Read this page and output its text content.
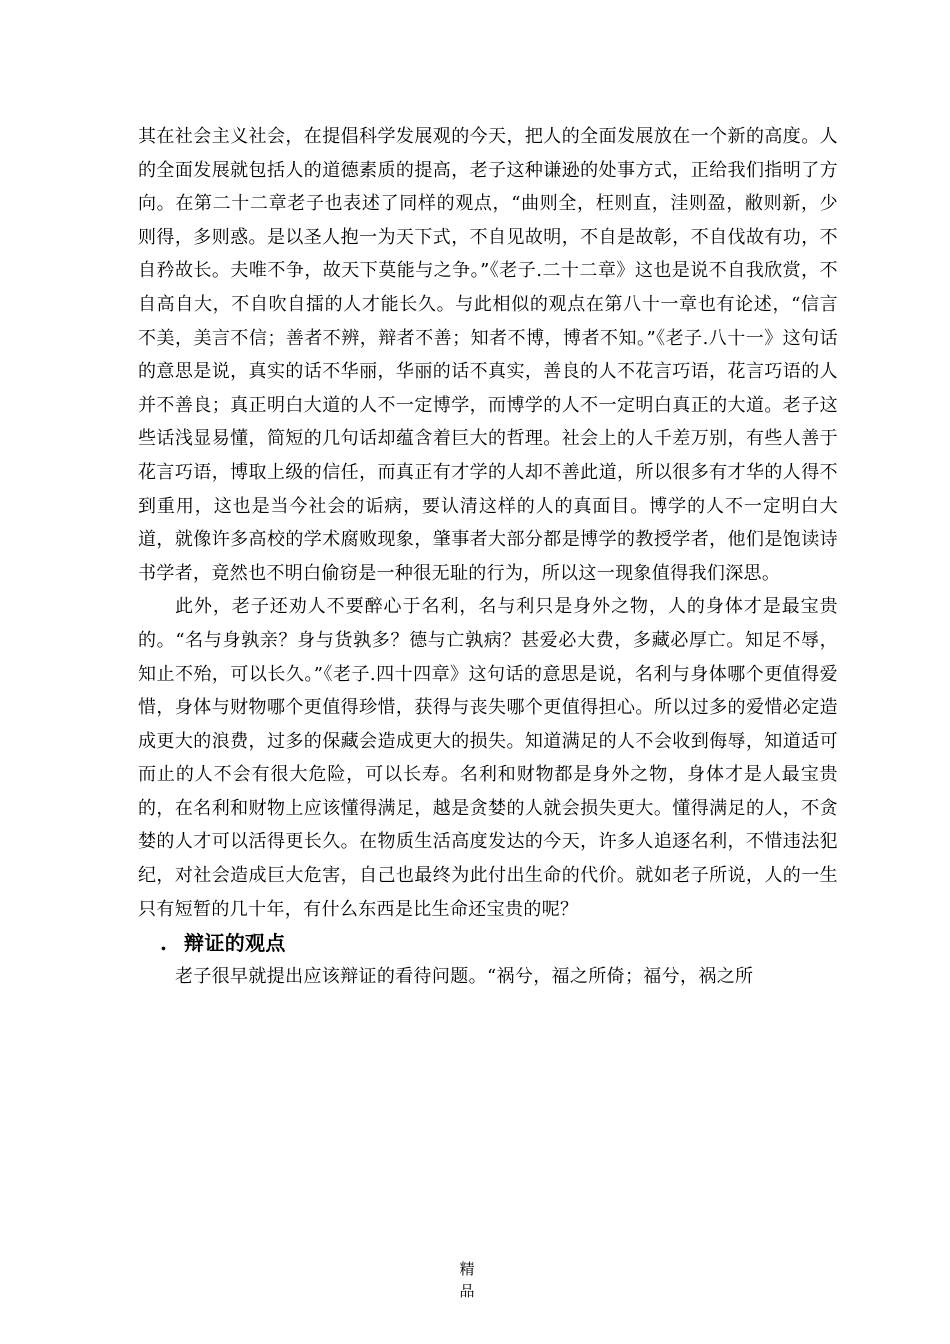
其在社会主义社会，在提倡科学发展观的今天，把人的全面发展放在一个新的高度。人的全面发展就包括人的道德素质的提高，老子这种谦逊的处事方式，正给我们指明了方向。在第二十二章老子也表述了同样的观点，“曲则全，枉则直，洼则盈，敝则新，少则得，多则惑。是以圣人抱一为天下式，不自见故明，不自是故彰，不自伐故有功，不自矜故长。夫唯不争，故天下莫能与之争。”《老子.二十二章》这也是说不自我欣赏，不自高自大，不自吹自擂的人才能长久。与此相似的观点在第八十一章也有论述，“信言不美，美言不信；善者不辨，辩者不善；知者不博，博者不知。”《老子.八十一》这句话的意思是说，真实的话不华丽，华丽的话不真实，善良的人不花言巧语，花言巧语的人并不善良；真正明白大道的人不一定博学，而博学的人不一定明白真正的大道。老子这些话浅显易懂，简短的几句话却蕴含着巨大的哲理。社会上的人千差万别，有些人善于花言巧语，博取上级的信任，而真正有才学的人却不善此道，所以很多有才华的人得不到重用，这也是当今社会的诟病，要认清这样的人的真面目。博学的人不一定明白大道，就像许多高校的学术腐败现象，肇事者大部分都是博学的教授学者，他们是饱读诗书学者，竟然也不明白偷窃是一种很无耻的行为，所以这一现象值得我们深思。

此外，老子还劝人不要醉心于名利，名与利只是身外之物，人的身体才是最宝贵的。“名与身孰亲？身与货孰多？德与亡孰病？甚爱必大费，多藏必厚亡。知足不辱，知止不殆，可以长久。”《老子.四十四章》这句话的意思是说，名利与身体哪个更值得爱惜，身体与财物哪个更值得珍惜，获得与丧失哪个更值得担心。所以过多的爱惜必定造成更大的浪费，过多的保藏会造成更大的损失。知道满足的人不会收到侮辱，知道适可而止的人不会有很大危险，可以长寿。名利和财物都是身外之物，身体才是人最宝贵的，在名利和财物上应该懂得满足，越是贪婪的人就会损失更大。懂得满足的人，不贪婪的人才可以活得更长久。在物质生活高度发达的今天，许多人追逐名利，不惜违法犯纪，对社会造成巨大危害，自己也最终为此付出生命的代价。就如老子所说，人的一生只有短暂的几十年，有什么东西是比生命还宝贵的呢？

. 辩证的观点

老子很早就提出应该辩证的看待问题。“祸兮，福之所倚；福兮，祸之所

精品
